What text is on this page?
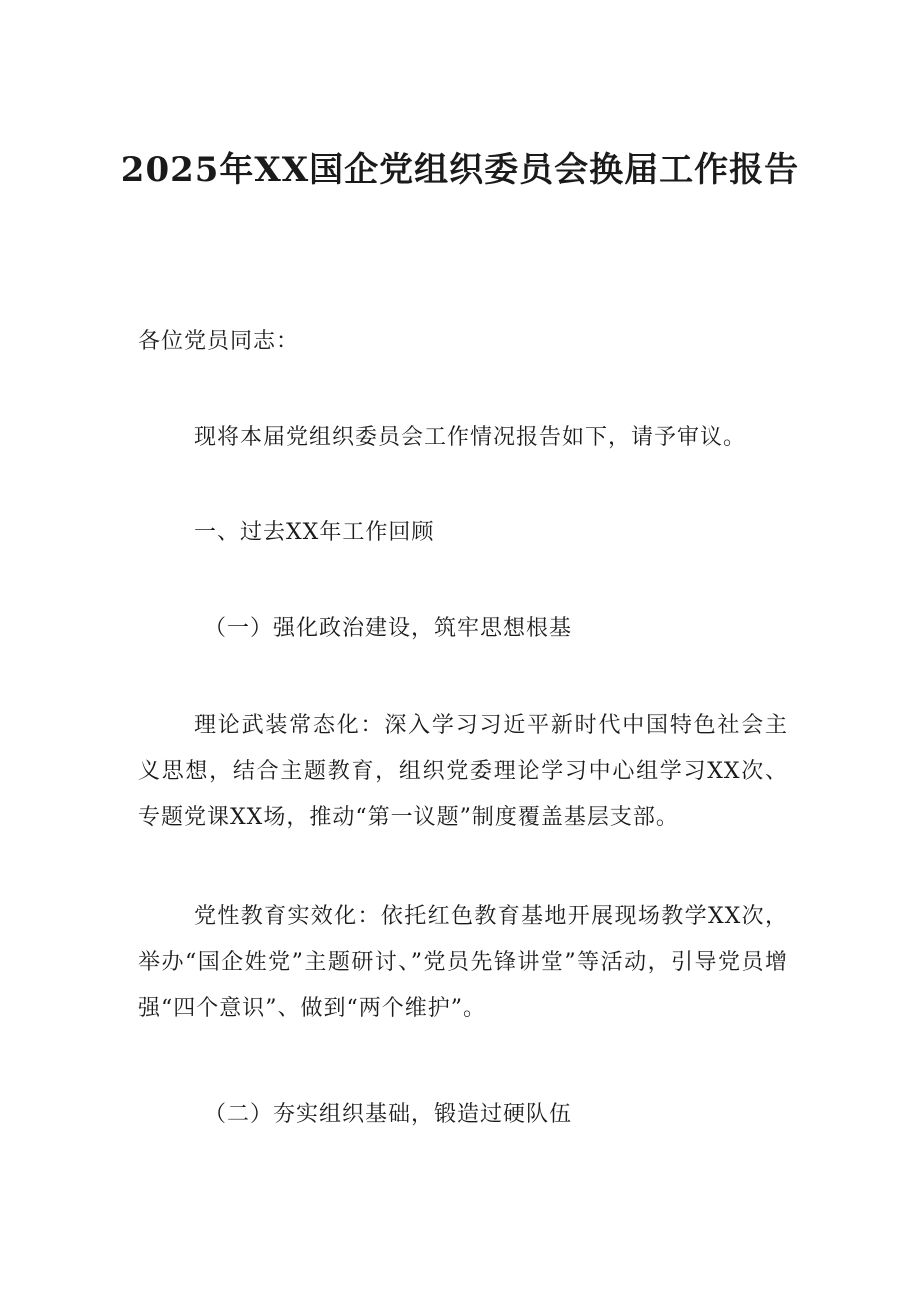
2025年XX国企党组织委员会换届工作报告
各位党员同志：
现将本届党组织委员会工作情况报告如下，请予审议。
一、过去XX年工作回顾
（一）强化政治建设，筑牢思想根基
理论武装常态化：深入学习习近平新时代中国特色社会主义思想，结合主题教育，组织党委理论学习中心组学习XX次、专题党课XX场，推动“第一议题”制度覆盖基层支部。
党性教育实效化：依托红色教育基地开展现场教学XX次，举办“国企姓党”主题研讨、”党员先锋讲堂”等活动，引导党员增强“四个意识”、做到“两个维护”。
（二）夯实组织基础，锻造过硬队伍
